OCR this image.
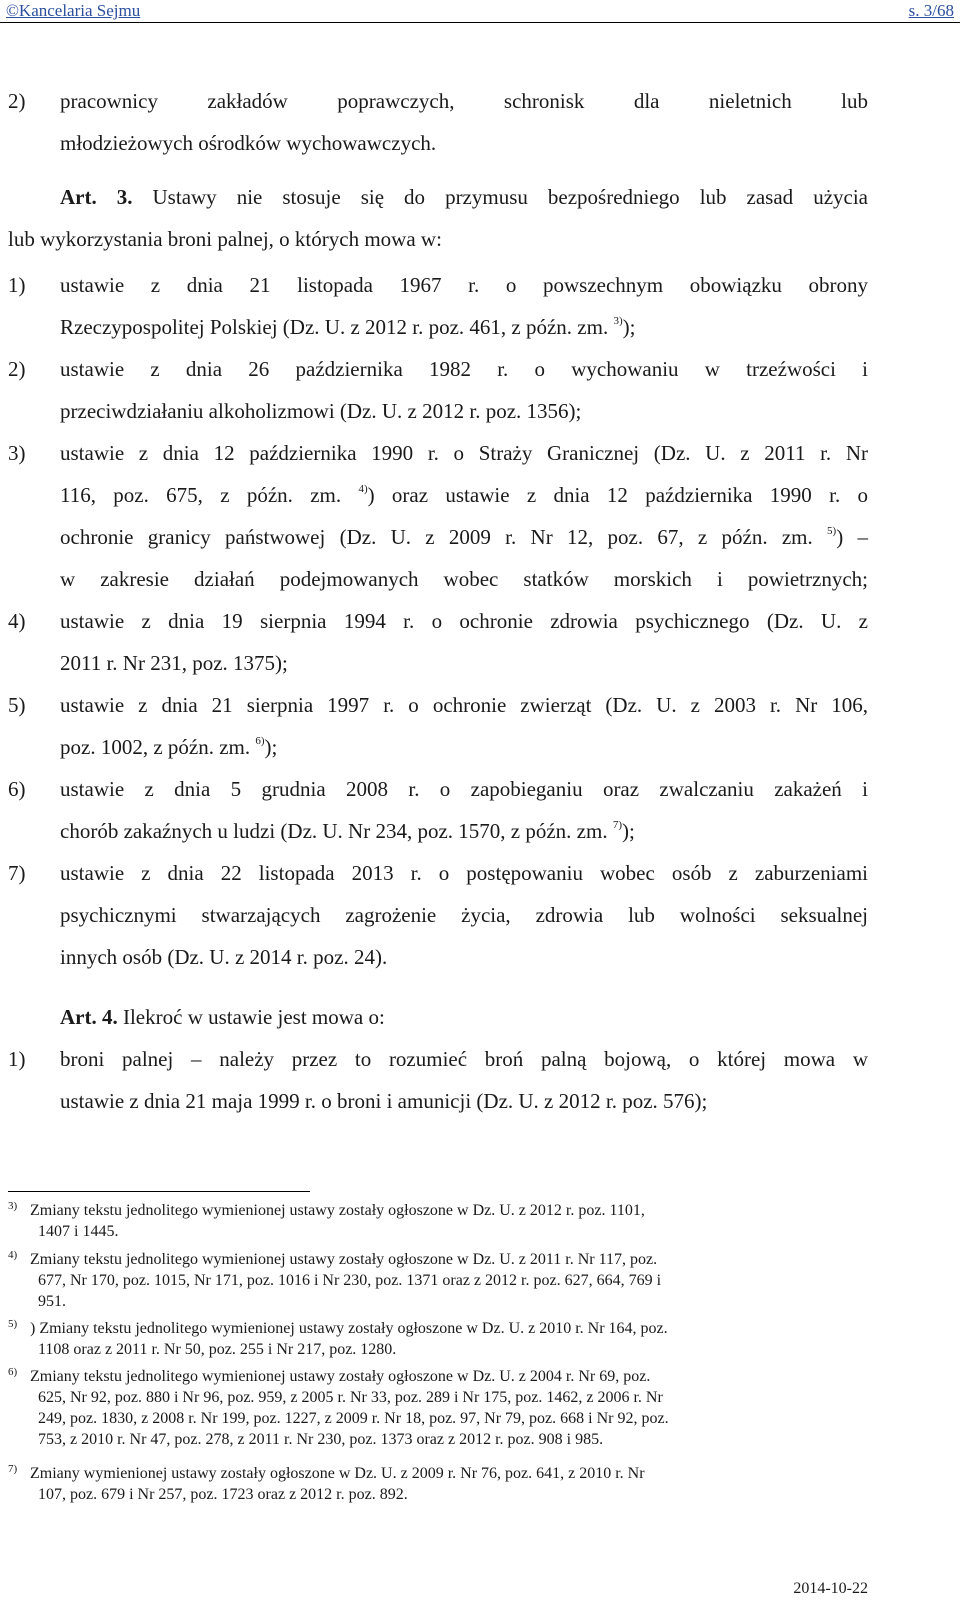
©Kancelaria Sejmu	s. 3/68
2) pracownicy zakładów poprawczych, schronisk dla nieletnich lub
młodzieżowych ośrodków wychowawczych.
Art. 3. Ustawy nie stosuje się do przymusu bezpośredniego lub zasad użycia
lub wykorzystania broni palnej, o których mowa w:
1) ustawie z dnia 21 listopada 1967 r. o powszechnym obowiązku obrony
Rzeczypospolitej Polskiej (Dz. U. z 2012 r. poz. 461, z późn. zm. $^{3)}$);
2) ustawie z dnia 26 października 1982 r. o wychowaniu w trzeźwości i
przeciwdziałaniu alkoholizmowi (Dz. U. z 2012 r. poz. 1356);
3) ustawie z dnia 12 października 1990 r. o Straży Granicznej (Dz. U. z 2011 r. Nr
116, poz. 675, z późn. zm. $^{4)}$) oraz ustawie z dnia 12 października 1990 r. o
ochronie granicy państwowej (Dz. U. z 2009 r. Nr 12, poz. 67, z późn. zm. $^{5)}$) –
w zakresie działań podejmowanych wobec statków morskich i powietrznych;
4) ustawie z dnia 19 sierpnia 1994 r. o ochronie zdrowia psychicznego (Dz. U. z
2011 r. Nr 231, poz. 1375);
5) ustawie z dnia 21 sierpnia 1997 r. o ochronie zwierząt (Dz. U. z 2003 r. Nr 106,
poz. 1002, z późn. zm. $^{6)}$);
6) ustawie z dnia 5 grudnia 2008 r. o zapobieganiu oraz zwalczaniu zakażeń i
chorób zakaźnych u ludzi (Dz. U. Nr 234, poz. 1570, z późn. zm. $^{7)}$);
7) ustawie z dnia 22 listopada 2013 r. o postępowaniu wobec osób z zaburzeniami
psychicznymi stwarzających zagrożenie życia, zdrowia lub wolności seksualnej
innych osób (Dz. U. z 2014 r. poz. 24).
Art. 4. Ilekroć w ustawie jest mowa o:
1) broni palnej – należy przez to rozumieć broń palną bojową, o której mowa w
ustawie z dnia 21 maja 1999 r. o broni i amunicji (Dz. U. z 2012 r. poz. 576);
3) Zmiany tekstu jednolitego wymienionej ustawy zostały ogłoszone w Dz. U. z 2012 r. poz. 1101,
1407 i 1445.
4) Zmiany tekstu jednolitego wymienionej ustawy zostały ogłoszone w Dz. U. z 2011 r. Nr 117, poz.
677, Nr 170, poz. 1015, Nr 171, poz. 1016 i Nr 230, poz. 1371 oraz z 2012 r. poz. 627, 664, 769 i
951.
5) ) Zmiany tekstu jednolitego wymienionej ustawy zostały ogłoszone w Dz. U. z 2010 r. Nr 164, poz.
1108 oraz z 2011 r. Nr 50, poz. 255 i Nr 217, poz. 1280.
6) Zmiany tekstu jednolitego wymienionej ustawy zostały ogłoszone w Dz. U. z 2004 r. Nr 69, poz.
625, Nr 92, poz. 880 i Nr 96, poz. 959, z 2005 r. Nr 33, poz. 289 i Nr 175, poz. 1462, z 2006 r. Nr
249, poz. 1830, z 2008 r. Nr 199, poz. 1227, z 2009 r. Nr 18, poz. 97, Nr 79, poz. 668 i Nr 92, poz.
753, z 2010 r. Nr 47, poz. 278, z 2011 r. Nr 230, poz. 1373 oraz z 2012 r. poz. 908 i 985.
7) Zmiany wymienionej ustawy zostały ogłoszone w Dz. U. z 2009 r. Nr 76, poz. 641, z 2010 r. Nr
107, poz. 679 i Nr 257, poz. 1723 oraz z 2012 r. poz. 892.
2014-10-22
